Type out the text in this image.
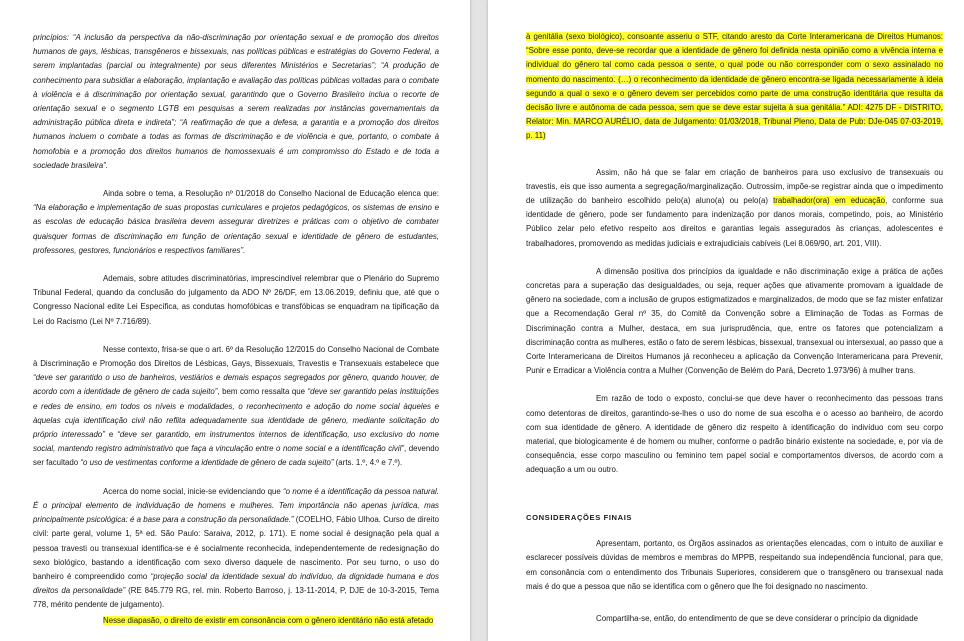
princípios: “A inclusão da perspectiva da não-discriminação por orientação sexual e de promoção dos direitos humanos de gays, lésbicas, transgêneros e bissexuais, nas políticas públicas e estratégias do Governo Federal, a serem implantadas (parcial ou integralmente) por seus diferentes Ministérios e Secretarias”; “A produção de conhecimento para subsidiar a elaboração, implantação e avaliação das políticas públicas voltadas para o combate à violência e à discriminação por orientação sexual, garantindo que o Governo Brasileiro inclua o recorte de orientação sexual e o segmento LGTB em pesquisas a serem realizadas por instâncias governamentais da administração pública direta e indireta”; “A reafirmação de que a defesa, a garantia e a promoção dos direitos humanos incluem o combate a todas as formas de discriminação e de violência e que, portanto, o combate à homofobia e a promoção dos direitos humanos de homossexuais é um compromisso do Estado e de toda a sociedade brasileira”.

Ainda sobre o tema, a Resolução nº 01/2018 do Conselho Nacional de Educação elenca que: “Na elaboração e implementação de suas propostas curriculares e projetos pedagógicos, os sistemas de ensino e as escolas de educação básica brasileira devem assegurar diretrizes e práticas com o objetivo de combater quaisquer formas de discriminação em função de orientação sexual e identidade de gênero de estudantes, professores, gestores, funcionários e respectivos familiares”.

Ademais, sobre atitudes discriminatórias, imprescindível relembrar que o Plenário do Supremo Tribunal Federal, quando da conclusão do julgamento da ADO Nº 26/DF, em 13.06.2019, definiu que, até que o Congresso Nacional edite Lei Específica, as condutas homofóbicas e transfóbicas se enquadram na tipificação da Lei do Racismo (Lei Nº 7.716/89).

Nesse contexto, frisa-se que o art. 6º da Resolução 12/2015 do Conselho Nacional de Combate à Discriminação e Promoção dos Direitos de Lésbicas, Gays, Bissexuais, Travestis e Transexuais estabelece que “deve ser garantido o uso de banheiros, vestiários e demais espaços segregados por gênero, quando houver, de acordo com a identidade de gênero de cada sujeito”, bem como ressalta que “deve ser garantido pelas instituições e redes de ensino, em todos os níveis e modalidades, o reconhecimento e adoção do nome social àqueles e àquelas cuja identificação civil não reflita adequadamente sua identidade de gênero, mediante solicitação do próprio interessado” e “deve ser garantido, em instrumentos internos de identificação, uso exclusivo do nome social, mantendo registro administrativo que faça a vinculação entre o nome social e a identificação civil”, devendo ser facultado “o uso de vestimentas conforme a identidade de gênero de cada sujeito” (arts. 1.º, 4.º e 7.º).

Acerca do nome social, inicie-se evidenciando que “o nome é a identificação da pessoa natural. É o principal elemento de individuação de homens e mulheres. Tem importância não apenas jurídica, mas principalmente psicológica: é a base para a construção da personalidade.” (COELHO, Fábio Ulhoa. Curso de direito civil: parte geral, volume 1, 5ª ed. São Paulo: Saraiva, 2012, p. 171). E nome social é designação pela qual a pessoa travesti ou transexual identifica-se e é socialmente reconhecida, independentemente de redesignação do sexo biológico, bastando a identificação com sexo diverso daquele de nascimento. Por seu turno, o uso do banheiro é compreendido como “projeção social da identidade sexual do indivíduo, da dignidade humana e dos direitos da personalidade” (RE 845.779 RG, rel. min. Roberto Barroso, j. 13-11-2014, P, DJE de 10-3-2015, Tema 778, mérito pendente de julgamento).

Nesse diapasão, o direito de existir em consonância com o gênero identitário não está afetado

à genitália (sexo biológico), consoante asseriu o STF, citando aresto da Corte Interamericana de Direitos Humanos: “Sobre esse ponto, deve-se recordar que a identidade de gênero foi definida nesta opinião como a vivência interna e individual do gênero tal como cada pessoa o sente, o qual pode ou não corresponder com o sexo assinalado no momento do nascimento. (…) o reconhecimento da identidade de gênero encontra-se ligada necessariamente à ideia segundo a qual o sexo e o gênero devem ser percebidos como parte de uma construção identitária que resulta da decisão livre e autônoma de cada pessoa, sem que se deve estar sujeita à sua genitália.” ADI: 4275 DF - DISTRITO, Relator: Min. MARCO AURÉLIO, data de Julgamento: 01/03/2018, Tribunal Pleno, Data de Pub: DJe-045 07-03-2019, p. 11)

Assim, não há que se falar em criação de banheiros para uso exclusivo de transexuais ou travestis, eis que isso aumenta a segregação/marginalização. Outrossim, impõe-se registrar ainda que o impedimento de utilização do banheiro escolhido pelo(a) aluno(a) ou pelo(a) trabalhador(ora) em educação, conforme sua identidade de gênero, pode ser fundamento para indenização por danos morais, competindo, pois, ao Ministério Público zelar pelo efetivo respeito aos direitos e garantias legais assegurados às crianças, adolescentes e trabalhadores, promovendo as medidas judiciais e extrajudiciais cabíveis (Lei 8.069/90, art. 201, VIII).

A dimensão positiva dos princípios da igualdade e não discriminação exige a prática de ações concretas para a superação das desigualdades, ou seja, requer ações que ativamente promovam a igualdade de gênero na sociedade, com a inclusão de grupos estigmatizados e marginalizados, de modo que se faz mister enfatizar que a Recomendação Geral nº 35, do Comitê da Convenção sobre a Eliminação de Todas as Formas de Discriminação contra a Mulher, destaca, em sua jurisprudência, que, entre os fatores que potencializam a discriminação contra as mulheres, estão o fato de serem lésbicas, bissexual, transexual ou intersexual, ao passo que a Corte Interamericana de Direitos Humanos já reconheceu a aplicação da Convenção Interamericana para Prevenir, Punir e Erradicar a Violência contra a Mulher (Convenção de Belém do Pará, Decreto 1.973/96) à mulher trans.

Em razão de todo o exposto, conclui-se que deve haver o reconhecimento das pessoas trans como detentoras de direitos, garantindo-se-lhes o uso do nome de sua escolha e o acesso ao banheiro, de acordo com sua identidade de gênero. A identidade de gênero diz respeito à identificação do indivíduo com seu corpo material, que biologicamente é de homem ou mulher, conforme o padrão binário existente na sociedade, e, por via de consequência, esse corpo masculino ou feminino tem papel social e comportamentos diversos, de acordo com a adequação a um ou outro.

CONSIDERAÇÕES FINAIS

Apresentam, portanto, os Órgãos assinados as orientações elencadas, com o intuito de auxiliar e esclarecer possíveis dúvidas de membros e membras do MPPB, respeitando sua independência funcional, para que, em consonância com o entendimento dos Tribunais Superiores, considerem que o transgênero ou transexual nada mais é do que a pessoa que não se identifica com o gênero que lhe foi designado no nascimento.

Compartilha-se, então, do entendimento de que se deve considerar o princípio da dignidade
